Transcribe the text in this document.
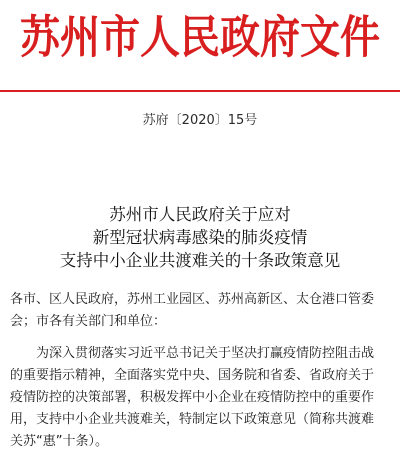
苏州市人民政府文件
苏府〔2020〕15号
苏州市人民政府关于应对
新型冠状病毒感染的肺炎疫情
支持中小企业共渡难关的十条政策意见
各市、区人民政府，苏州工业园区、苏州高新区、太仓港口管委
会；市各有关部门和单位：
为深入贯彻落实习近平总书记关于坚决打赢疫情防控阻击战
的重要指示精神，全面落实党中央、国务院和省委、省政府关于
疫情防控的决策部署，积极发挥中小企业在疫情防控中的重要作
用，支持中小企业共渡难关，特制定以下政策意见（简称共渡难
关苏“惠”十条）。
